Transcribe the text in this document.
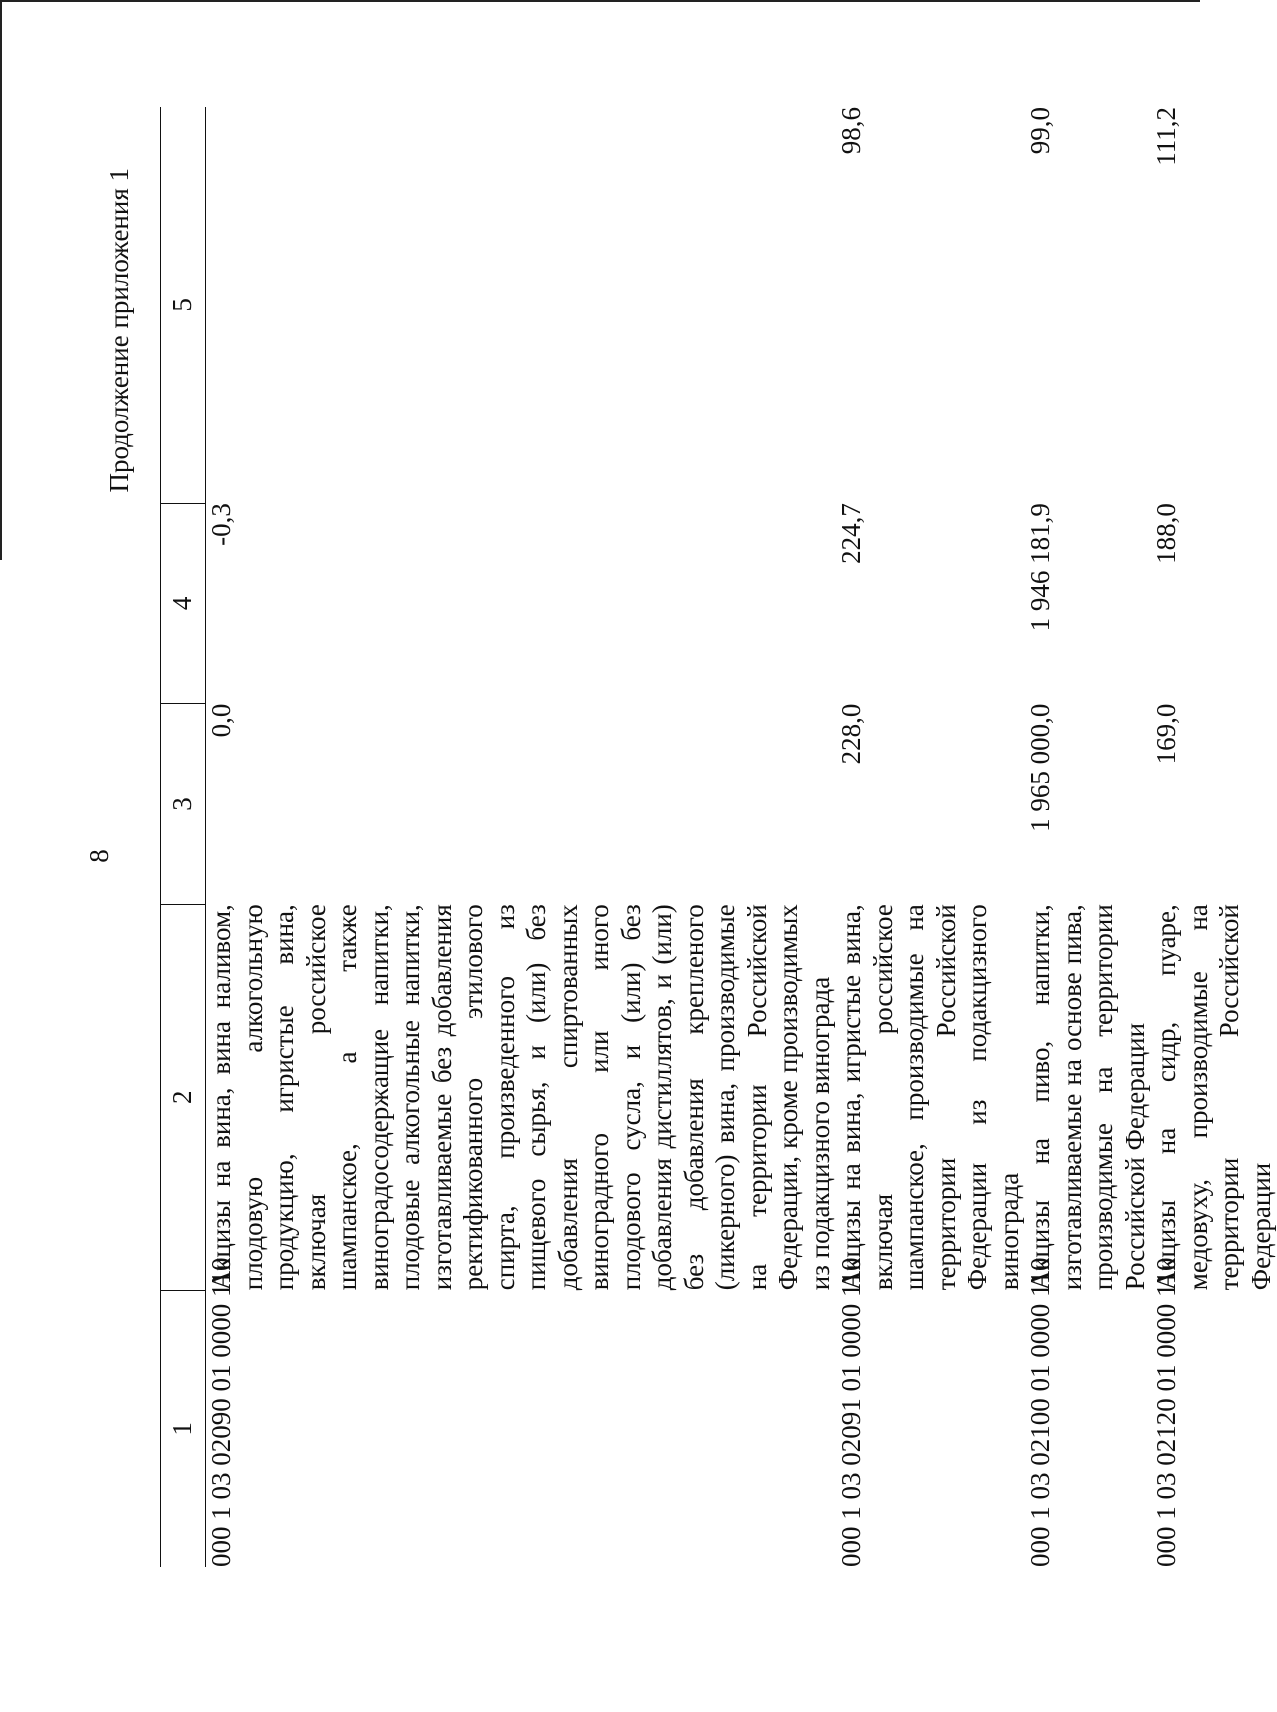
8
Продолжение приложения 1
1	2	3	4	5
000 1 03 02090 01 0000 110	Акцизы на вина, вина наливом, плодовую алкогольную продукцию, игристые вина, включая российское шампанское, а также виноградосодержащие напитки, плодовые алкогольные напитки, изготавливаемые без добавления ректификованного этилового спирта, произведенного из пищевого сырья, и (или) без добавления спиртованных виноградного или иного плодового сусла, и (или) без добавления дистиллятов, и (или) без добавления крепленого (ликерного) вина, производимые на территории Российской Федерации, кроме производимых из подакцизного винограда	0,0	-0,3	
000 1 03 02091 01 0000 110	Акцизы на вина, игристые вина, включая российское шампанское, производимые на территории Российской Федерации из подакцизного винограда	228,0	224,7	98,6
000 1 03 02100 01 0000 110	Акцизы на пиво, напитки, изготавливаемые на основе пива, производимые на территории Российской Федерации	1 965 000,0	1 946 181,9	99,0
000 1 03 02120 01 0000 110	Акцизы на сидр, пуаре, медовуху, производимые на территории Российской Федерации	169,0	188,0	111,2
